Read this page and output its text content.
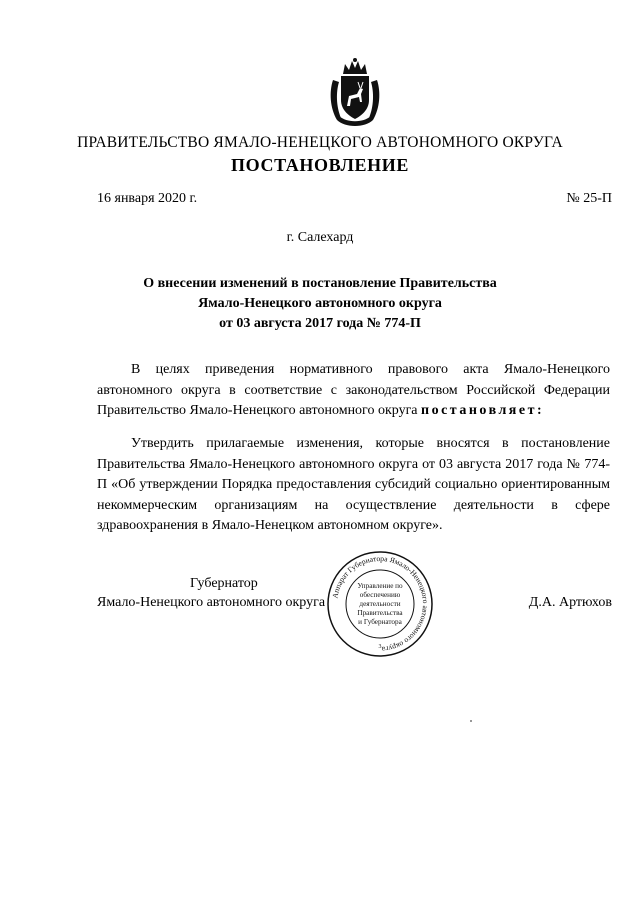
ПРАВИТЕЛЬСТВО ЯМАЛО-НЕНЕЦКОГО АВТОНОМНОГО ОКРУГА
ПОСТАНОВЛЕНИЕ
16 января 2020 г.	№ 25-П
г. Салехард
О внесении изменений в постановление Правительства
Ямало-Ненецкого автономного округа
от 03 августа 2017 года № 774-П
В целях приведения нормативного правового акта Ямало-Ненецкого автономного округа в соответствие с законодательством Российской Федерации Правительство Ямало-Ненецкого автономного округа постановляет:
Утвердить прилагаемые изменения, которые вносятся в постановление Правительства Ямало-Ненецкого автономного округа от 03 августа 2017 года № 774-П «Об утверждении Порядка предоставления субсидий социально ориентированным некоммерческим организациям на осуществление деятельности в сфере здравоохранения в Ямало-Ненецком автономном округе».
Губернатор
Ямало-Ненецкого автономного округа	Д.А. Артюхов
Аппарат Губернатора Ямало-Ненецкого автономного округа
Управление по
обеспечению
деятельности
Правительства
и Губернатора
3
